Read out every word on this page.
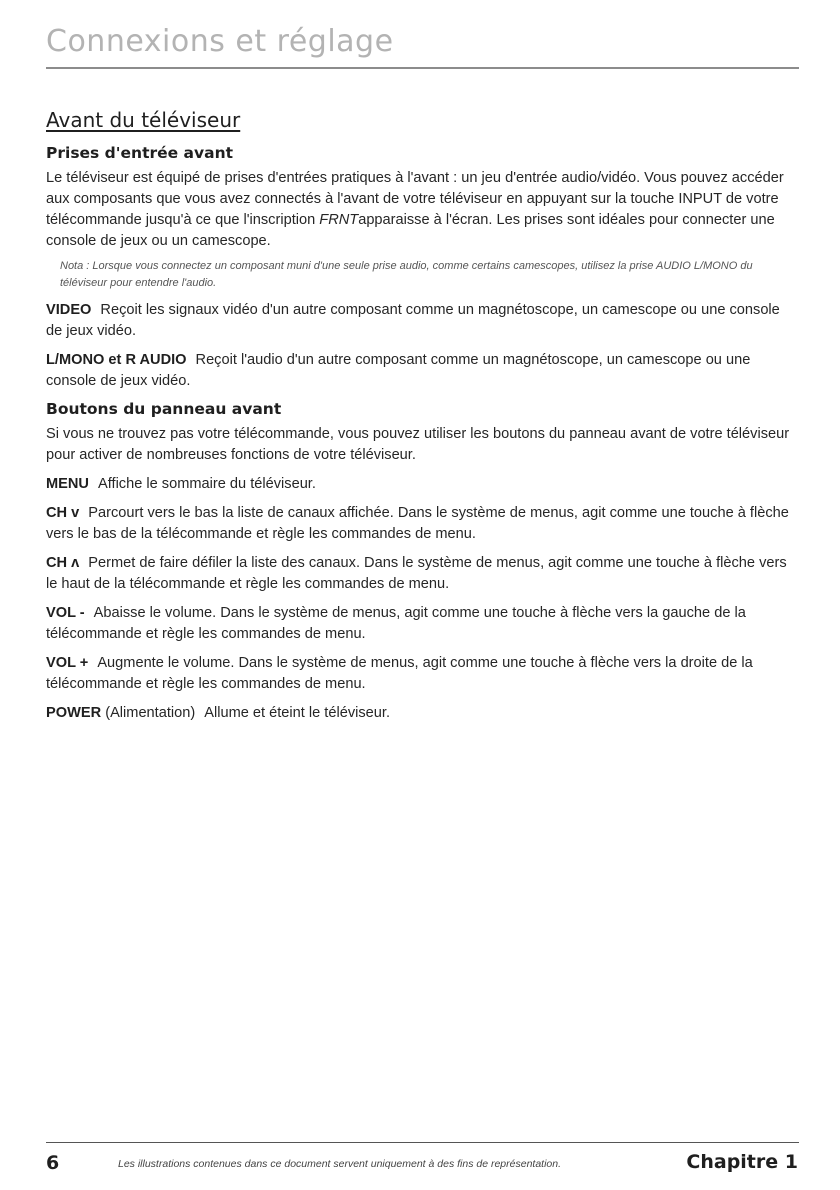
Connexions et réglage
Avant du téléviseur
Prises d'entrée avant

Le téléviseur est équipé de prises d'entrées pratiques à l'avant : un jeu d'entrée audio/vidéo. Vous pouvez accéder aux composants que vous avez connectés à l'avant de votre téléviseur en appuyant sur la touche INPUT de votre télécommande jusqu'à ce que l'inscription FRNTapparaisse à l'écran. Les prises sont idéales pour connecter une console de jeux ou un camescope.

Nota : Lorsque vous connectez un composant muni d'une seule prise audio, comme certains camescopes, utilisez la prise AUDIO L/MONO du téléviseur pour entendre l'audio.

VIDEO Reçoit les signaux vidéo d'un autre composant comme un magnétoscope, un camescope ou une console de jeux vidéo.

L/MONO et R AUDIO Reçoit l'audio d'un autre composant comme un magnétoscope, un camescope ou une console de jeux vidéo.

Boutons du panneau avant

Si vous ne trouvez pas votre télécommande, vous pouvez utiliser les boutons du panneau avant de votre téléviseur pour activer de nombreuses fonctions de votre téléviseur.

MENU Affiche le sommaire du téléviseur.

CH v Parcourt vers le bas la liste de canaux affichée. Dans le système de menus, agit comme une touche à flèche vers le bas de la télécommande et règle les commandes de menu.

CH ʌ Permet de faire défiler la liste des canaux. Dans le système de menus, agit comme une touche à flèche vers le haut de la télécommande et règle les commandes de menu.

VOL - Abaisse le volume. Dans le système de menus, agit comme une touche à flèche vers la gauche de la télécommande et règle les commandes de menu.

VOL + Augmente le volume. Dans le système de menus, agit comme une touche à flèche vers la droite de la télécommande et règle les commandes de menu.

POWER (Alimentation) Allume et éteint le téléviseur.

6	Les illustrations contenues dans ce document servent uniquement à des fins de représentation.	Chapitre 1
